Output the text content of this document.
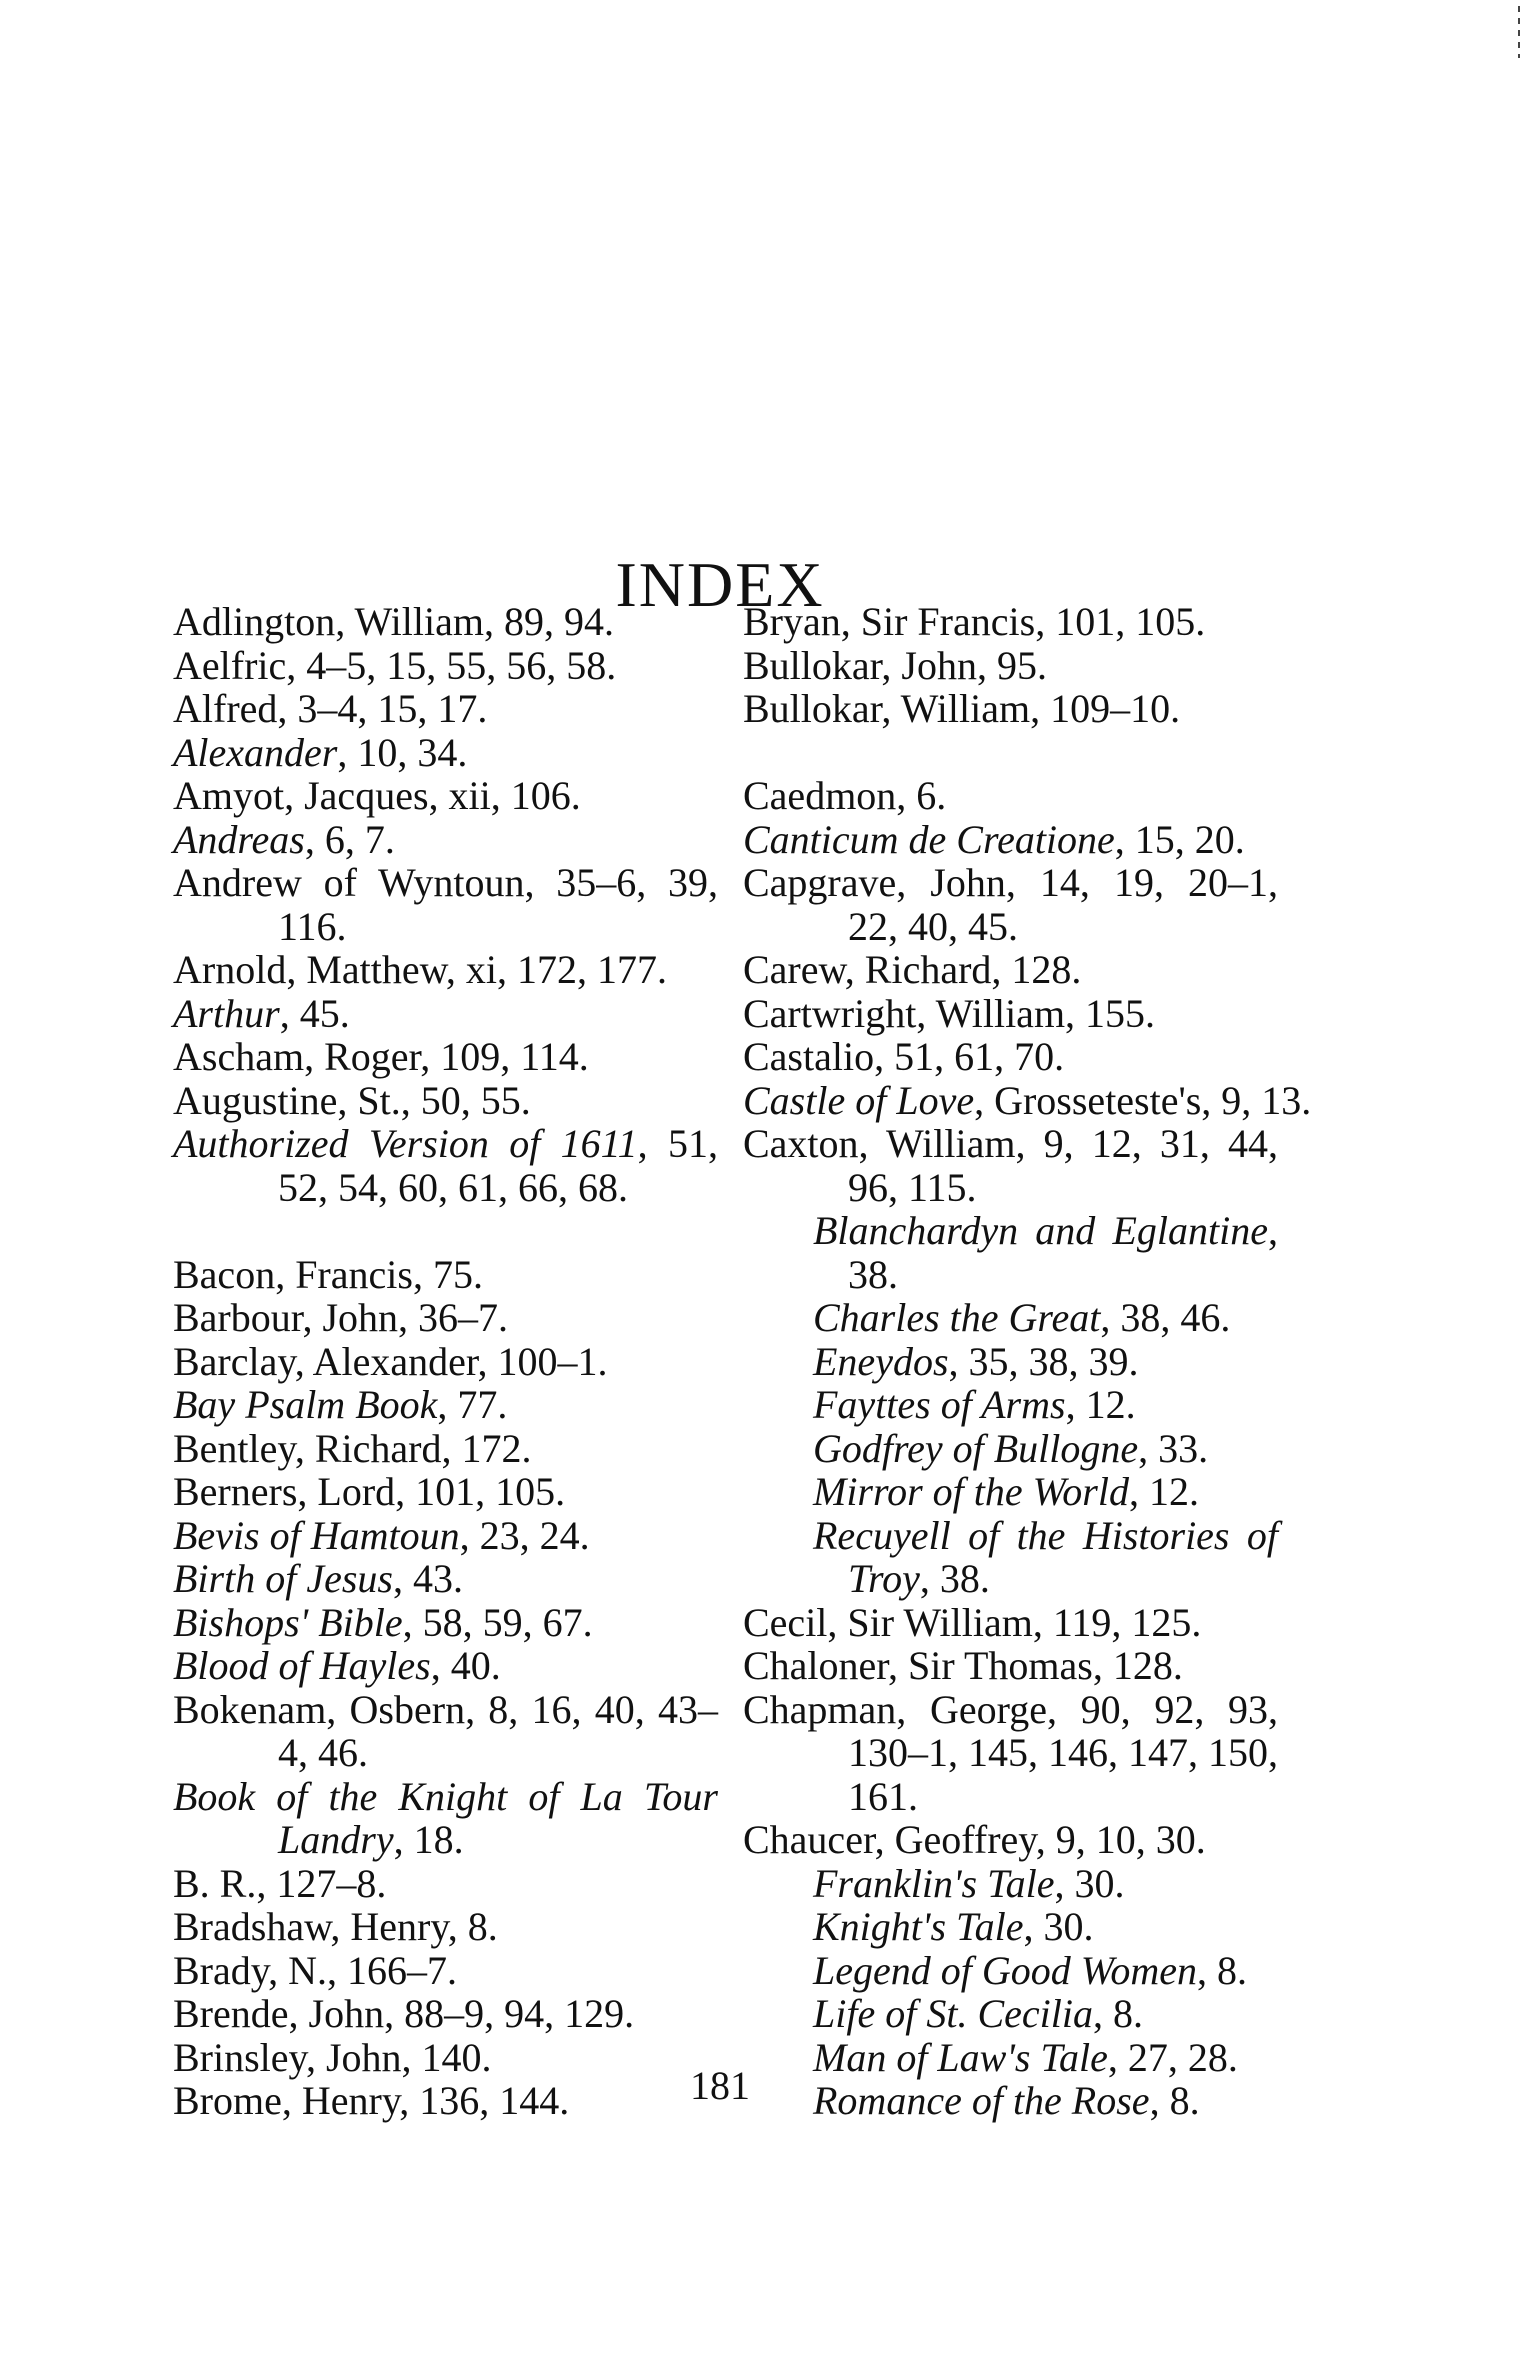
INDEX

Adlington, William, 89, 94.

Aelfric, 4–5, 15, 55, 56, 58.

Alfred, 3–4, 15, 17.

Alexander, 10, 34.

Amyot, Jacques, xii, 106.

Andreas, 6, 7.

Andrew of Wyntoun, 35–6, 39, 116.

Arnold, Matthew, xi, 172, 177.

Arthur, 45.

Ascham, Roger, 109, 114.

Augustine, St., 50, 55.

Authorized Version of 1611, 51, 52, 54, 60, 61, 66, 68.

Bacon, Francis, 75.

Barbour, John, 36–7.

Barclay, Alexander, 100–1.

Bay Psalm Book, 77.

Bentley, Richard, 172.

Berners, Lord, 101, 105.

Bevis of Hamtoun, 23, 24.

Birth of Jesus, 43.

Bishops' Bible, 58, 59, 67.

Blood of Hayles, 40.

Bokenam, Osbern, 8, 16, 40, 43–4, 46.

Book of the Knight of La Tour Landry, 18.

B. R., 127–8.

Bradshaw, Henry, 8.

Brady, N., 166–7.

Brende, John, 88–9, 94, 129.

Brinsley, John, 140.

Brome, Henry, 136, 144.

Bryan, Sir Francis, 101, 105.

Bullokar, John, 95.

Bullokar, William, 109–10.

Caedmon, 6.

Canticum de Creatione, 15, 20.

Capgrave, John, 14, 19, 20–1, 22, 40, 45.

Carew, Richard, 128.

Cartwright, William, 155.

Castalio, 51, 61, 70.

Castle of Love, Grosseteste's, 9, 13.

Caxton, William, 9, 12, 31, 44, 96, 115.

Blanchardyn and Eglantine, 38.

Charles the Great, 38, 46.

Eneydos, 35, 38, 39.

Fayttes of Arms, 12.

Godfrey of Bullogne, 33.

Mirror of the World, 12.

Recuyell of the Histories of Troy, 38.

Cecil, Sir William, 119, 125.

Chaloner, Sir Thomas, 128.

Chapman, George, 90, 92, 93, 130–1, 145, 146, 147, 150, 161.

Chaucer, Geoffrey, 9, 10, 30.

Franklin's Tale, 30.

Knight's Tale, 30.

Legend of Good Women, 8.

Life of St. Cecilia, 8.

Man of Law's Tale, 27, 28.

Romance of the Rose, 8.

181
